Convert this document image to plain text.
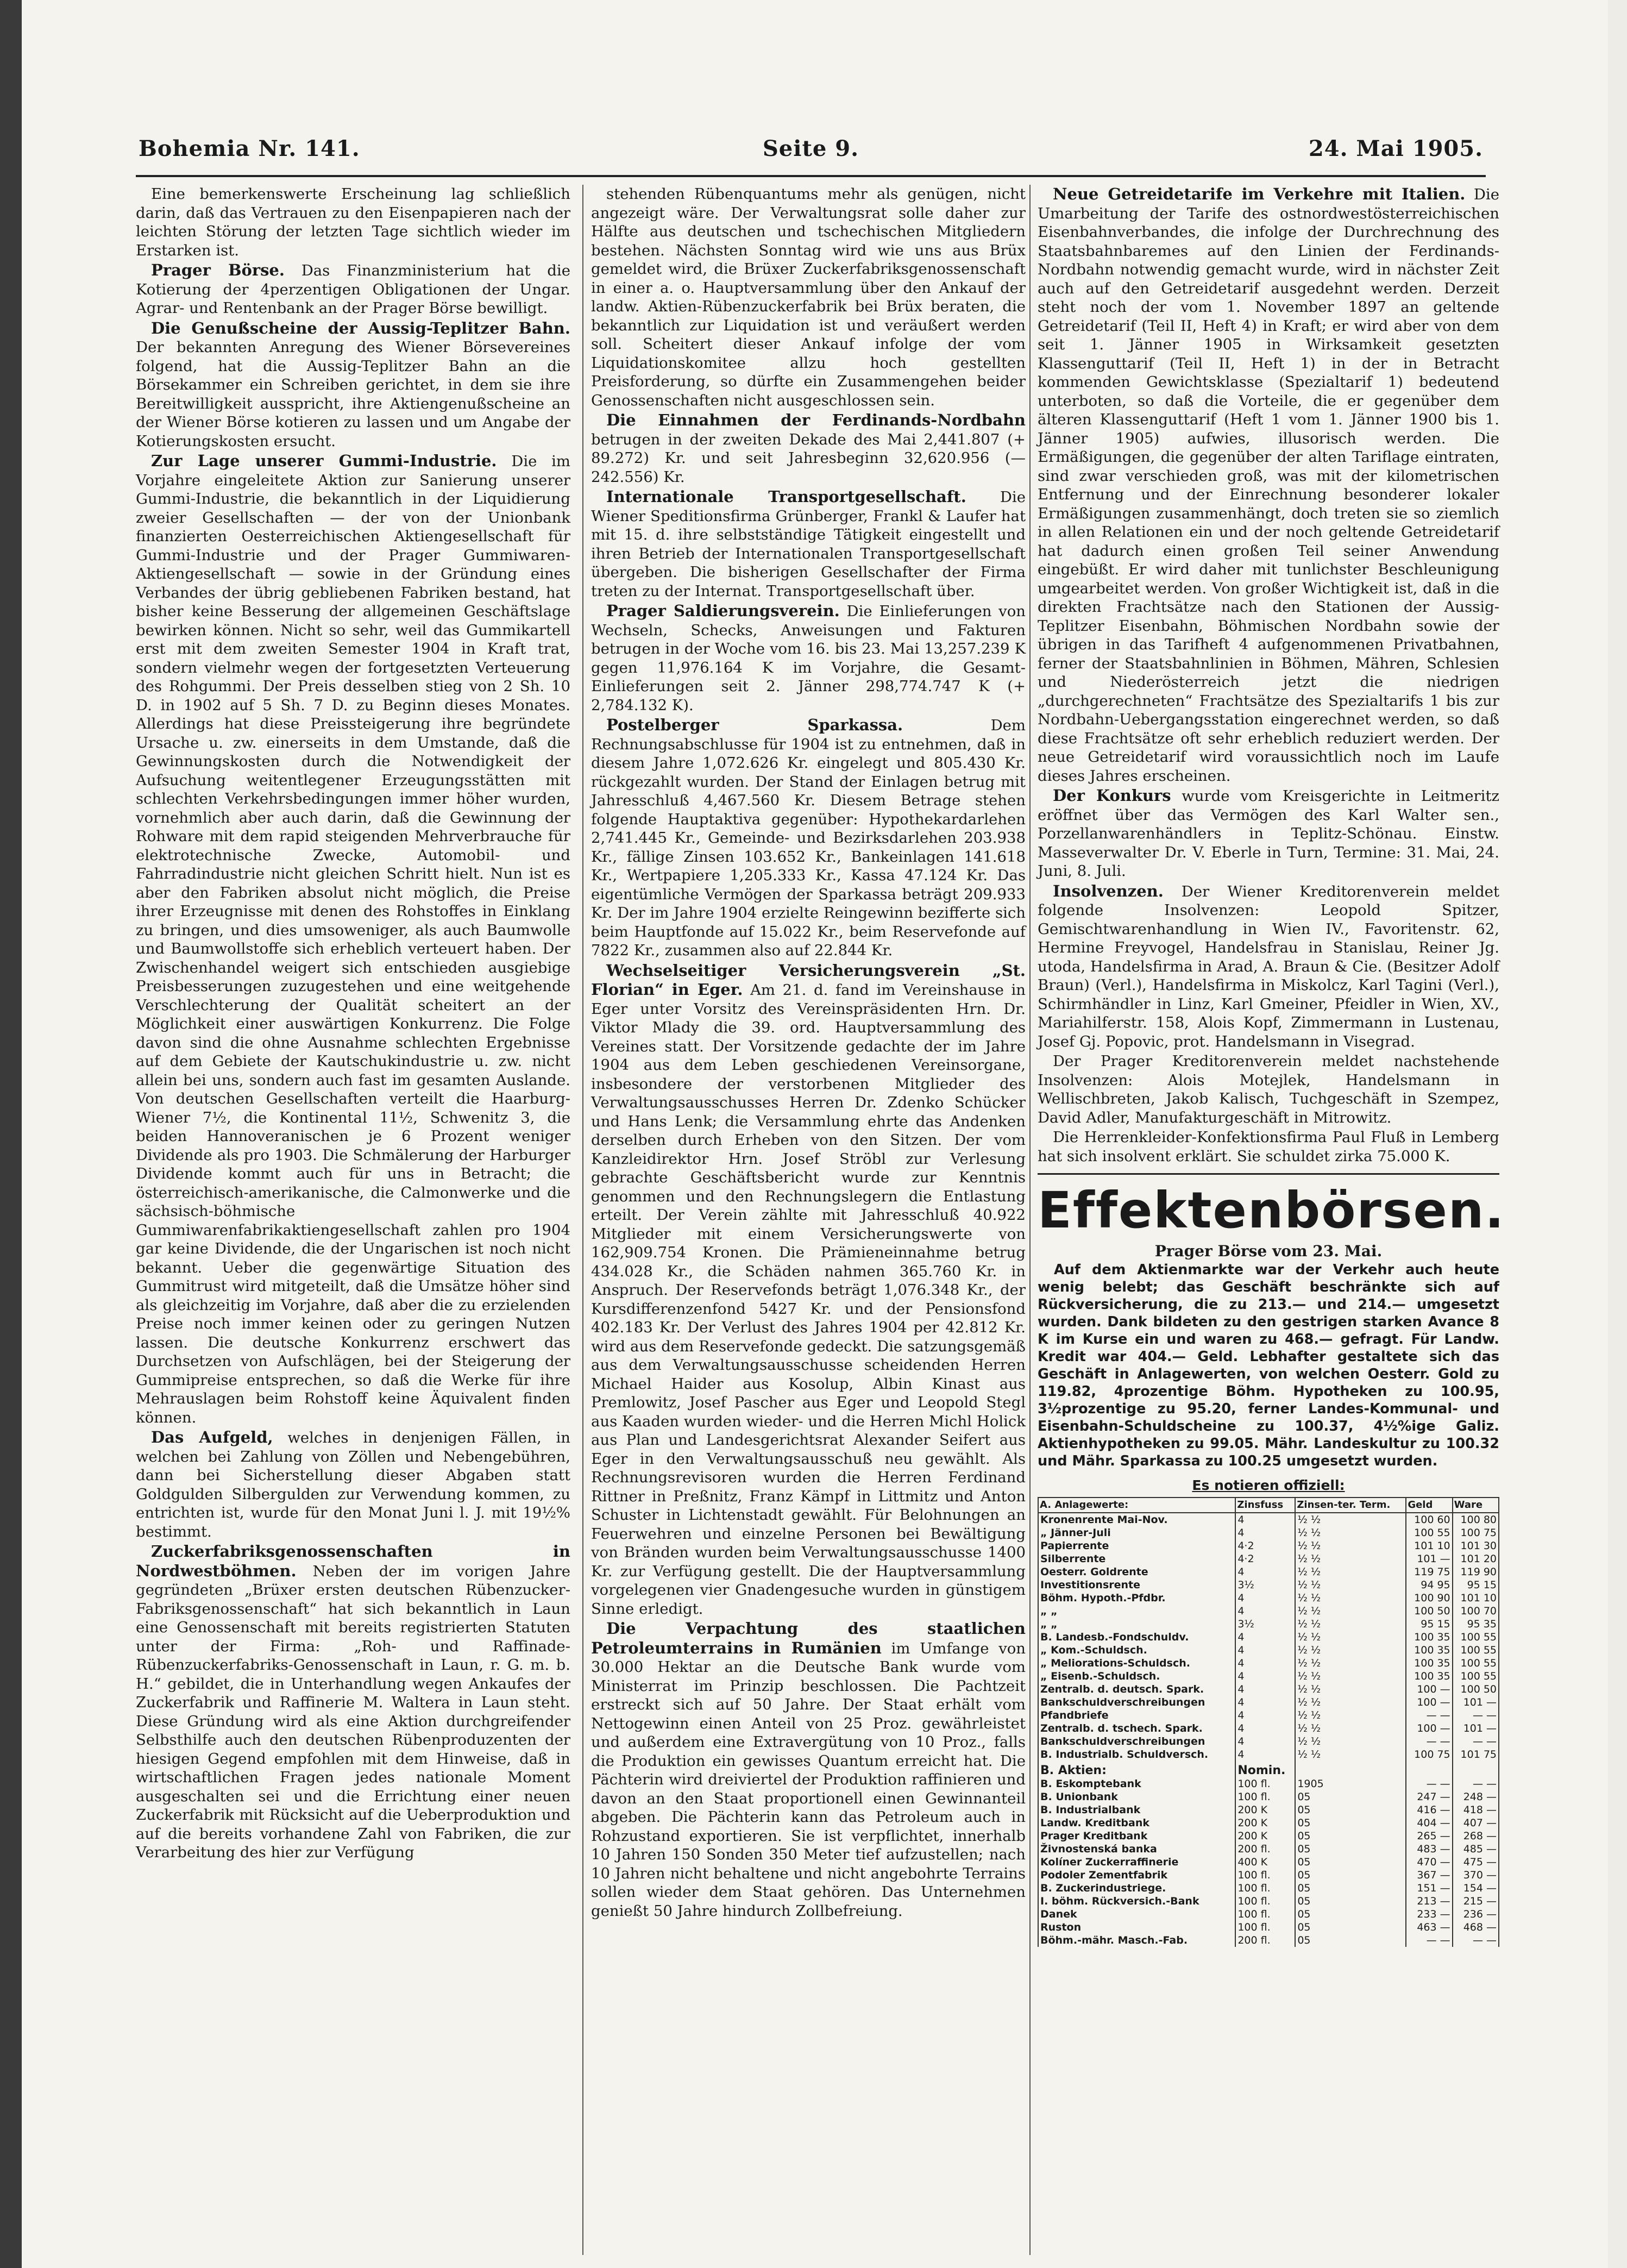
Bohemia Nr. 141.	Seite 9.	24. Mai 1905.

Eine bemerkenswerte Erscheinung lag schließlich darin, daß das Vertrauen zu den Eisenpapieren nach der leichten Störung der letzten Tage sichtlich wieder im Erstarken ist.

Prager Börse. Das Finanzministerium hat die Kotierung der 4perzentigen Obligationen der Ungar. Agrar- und Rentenbank an der Prager Börse bewilligt.

Die Genußscheine der Aussig-Teplitzer Bahn. Der bekannten Anregung des Wiener Börsevereines folgend, hat die Aussig-Teplitzer Bahn an die Börsekammer ein Schreiben gerichtet, in dem sie ihre Bereitwilligkeit ausspricht, ihre Aktiengenußscheine an der Wiener Börse kotieren zu lassen und um Angabe der Kotierungskosten ersucht.

Zur Lage unserer Gummi-Industrie. Die im Vorjahre eingeleitete Aktion zur Sanierung unserer Gummi-Industrie, die bekanntlich in der Liquidierung zweier Gesellschaften — der von der Unionbank finanzierten Oesterreichischen Aktiengesellschaft für Gummi-Industrie und der Prager Gummiwaren-Aktiengesellschaft — sowie in der Gründung eines Verbandes der übrig gebliebenen Fabriken bestand, hat bisher keine Besserung der allgemeinen Geschäftslage bewirken können. Nicht so sehr, weil das Gummikartell erst mit dem zweiten Semester 1904 in Kraft trat, sondern vielmehr wegen der fortgesetzten Verteuerung des Rohgummi. Der Preis desselben stieg von 2 Sh. 10 D. in 1902 auf 5 Sh. 7 D. zu Beginn dieses Monates. Allerdings hat diese Preissteigerung ihre begründete Ursache u. zw. einerseits in dem Umstande, daß die Gewinnungskosten durch die Notwendigkeit der Aufsuchung weitentlegener Erzeugungsstätten mit schlechten Verkehrsbedingungen immer höher wurden, vornehmlich aber auch darin, daß die Gewinnung der Rohware mit dem rapid steigenden Mehrverbrauche für elektrotechnische Zwecke, Automobil- und Fahrradindustrie nicht gleichen Schritt hielt. Nun ist es aber den Fabriken absolut nicht möglich, die Preise ihrer Erzeugnisse mit denen des Rohstoffes in Einklang zu bringen, und dies umsoweniger, als auch Baumwolle und Baumwollstoffe sich erheblich verteuert haben. Der Zwischenhandel weigert sich entschieden ausgiebige Preisbesserungen zuzugestehen und eine weitgehende Verschlechterung der Qualität scheitert an der Möglichkeit einer auswärtigen Konkurrenz. Die Folge davon sind die ohne Ausnahme schlechten Ergebnisse auf dem Gebiete der Kautschukindustrie u. zw. nicht allein bei uns, sondern auch fast im gesamten Auslande. Von deutschen Gesellschaften verteilt die Haarburg-Wiener 7½, die Kontinental 11½, Schwenitz 3, die beiden Hannoveranischen je 6 Prozent weniger Dividende als pro 1903. Die Schmälerung der Harburger Dividende kommt auch für uns in Betracht; die österreichisch-amerikanische, die Calmonwerke und die sächsisch-böhmische Gummiwarenfabrikaktiengesellschaft zahlen pro 1904 gar keine Dividende, die der Ungarischen ist noch nicht bekannt. Ueber die gegenwärtige Situation des Gummitrust wird mitgeteilt, daß die Umsätze höher sind als gleichzeitig im Vorjahre, daß aber die zu erzielenden Preise noch immer keinen oder zu geringen Nutzen lassen. Die deutsche Konkurrenz erschwert das Durchsetzen von Aufschlägen, bei der Steigerung der Gummipreise entsprechen, so daß die Werke für ihre Mehrauslagen beim Rohstoff keine Äquivalent finden können.

Das Aufgeld, welches in denjenigen Fällen, in welchen bei Zahlung von Zöllen und Nebengebühren, dann bei Sicherstellung dieser Abgaben statt Goldgulden Silbergulden zur Verwendung kommen, zu entrichten ist, wurde für den Monat Juni l. J. mit 19½% bestimmt.

Zuckerfabriksgenossenschaften in Nordwestböhmen. Neben der im vorigen Jahre gegründeten „Brüxer ersten deutschen Rübenzucker-Fabriksgenossenschaft“ hat sich bekanntlich in Laun eine Genossenschaft mit bereits registrierten Statuten unter der Firma: „Roh- und Raffinade-Rübenzuckerfabriks-Genossenschaft in Laun, r. G. m. b. H.“ gebildet, die in Unterhandlung wegen Ankaufes der Zuckerfabrik und Raffinerie M. Waltera in Laun steht. Diese Gründung wird als eine Aktion durchgreifender Selbsthilfe auch den deutschen Rübenproduzenten der hiesigen Gegend empfohlen mit dem Hinweise, daß in wirtschaftlichen Fragen jedes nationale Moment ausgeschalten sei und die Errichtung einer neuen Zuckerfabrik mit Rücksicht auf die Ueberproduktion und auf die bereits vorhandene Zahl von Fabriken, die zur Verarbeitung des hier zur Verfügung

stehenden Rübenquantums mehr als genügen, nicht angezeigt wäre. Der Verwaltungsrat solle daher zur Hälfte aus deutschen und tschechischen Mitgliedern bestehen. Nächsten Sonntag wird wie uns aus Brüx gemeldet wird, die Brüxer Zuckerfabriksgenossenschaft in einer a. o. Hauptversammlung über den Ankauf der landw. Aktien-Rübenzuckerfabrik bei Brüx beraten, die bekanntlich zur Liquidation ist und veräußert werden soll. Scheitert dieser Ankauf infolge der vom Liquidationskomitee allzu hoch gestellten Preisforderung, so dürfte ein Zusammengehen beider Genossenschaften nicht ausgeschlossen sein.

Die Einnahmen der Ferdinands-Nordbahn betrugen in der zweiten Dekade des Mai 2,441.807 (+ 89.272) Kr. und seit Jahresbeginn 32,620.956 (— 242.556) Kr.

Internationale Transportgesellschaft. Die Wiener Speditionsfirma Grünberger, Frankl & Laufer hat mit 15. d. ihre selbstständige Tätigkeit eingestellt und ihren Betrieb der Internationalen Transportgesellschaft übergeben. Die bisherigen Gesellschafter der Firma treten zu der Internat. Transportgesellschaft über.

Prager Saldierungsverein. Die Einlieferungen von Wechseln, Schecks, Anweisungen und Fakturen betrugen in der Woche vom 16. bis 23. Mai 13,257.239 K gegen 11,976.164 K im Vorjahre, die Gesamt-Einlieferungen seit 2. Jänner 298,774.747 K (+ 2,784.132 K).

Postelberger Sparkassa.	Dem Rechnungsabschlusse für 1904 ist zu entnehmen, daß in diesem Jahre 1,072.626 Kr. eingelegt und 805.430 Kr. rückgezahlt wurden. Der Stand der Einlagen betrug mit Jahresschluß 4,467.560 Kr. Diesem Betrage stehen folgende Hauptaktiva gegenüber: Hypothekardarlehen 2,741.445 Kr., Gemeinde- und Bezirksdarlehen 203.938 Kr., fällige Zinsen 103.652 Kr., Bankeinlagen 141.618 Kr., Wertpapiere 1,205.333 Kr., Kassa 47.124 Kr. Das eigentümliche Vermögen der Sparkassa beträgt 209.933 Kr. Der im Jahre 1904 erzielte Reingewinn bezifferte sich beim Hauptfonde auf 15.022 Kr., beim Reservefonde auf 7822 Kr., zusammen also auf 22.844 Kr.

Wechselseitiger Versicherungsverein „St. Florian“ in Eger. Am 21. d. fand im Vereinshause in Eger unter Vorsitz des Vereinspräsidenten Hrn. Dr. Viktor Mlady die 39. ord. Hauptversammlung des Vereines statt. Der Vorsitzende gedachte der im Jahre 1904 aus dem Leben geschiedenen Vereinsorgane, insbesondere der verstorbenen Mitglieder des Verwaltungsausschusses Herren Dr. Zdenko Schücker und Hans Lenk; die Versammlung ehrte das Andenken derselben durch Erheben von den Sitzen. Der vom Kanzleidirektor Hrn. Josef Ströbl zur Verlesung gebrachte Geschäftsbericht wurde zur Kenntnis genommen und den Rechnungslegern die Entlastung erteilt. Der Verein zählte mit Jahresschluß 40.922 Mitglieder mit einem Versicherungswerte von 162,909.754 Kronen. Die Prämieneinnahme betrug 434.028 Kr., die Schäden nahmen 365.760 Kr. in Anspruch. Der Reservefonds beträgt 1,076.348 Kr., der Kursdifferenzenfond 5427 Kr. und der Pensionsfond 402.183 Kr. Der Verlust des Jahres 1904 per 42.812 Kr. wird aus dem Reservefonde gedeckt. Die satzungsgemäß aus dem Verwaltungsausschusse scheidenden Herren Michael Haider aus Kosolup, Albin Kinast aus Premlowitz, Josef Pascher aus Eger und Leopold Stegl aus Kaaden wurden wieder- und die Herren Michl Holick aus Plan und Landesgerichtsrat Alexander Seifert aus Eger in den Verwaltungsausschuß neu gewählt. Als Rechnungsrevisoren wurden die Herren Ferdinand Rittner in Preßnitz, Franz Kämpf in Littmitz und Anton Schuster in Lichtenstadt gewählt. Für Belohnungen an Feuerwehren und einzelne Personen bei Bewältigung von Bränden wurden beim Verwaltungsausschusse 1400 Kr. zur Verfügung gestellt. Die der Hauptversammlung vorgelegenen vier Gnadengesuche wurden in günstigem Sinne erledigt.

Die Verpachtung des staatlichen Petroleumterrains in Rumänien im Umfange von 30.000 Hektar an die Deutsche Bank wurde vom Ministerrat im Prinzip beschlossen. Die Pachtzeit erstreckt sich auf 50 Jahre. Der Staat erhält vom Nettogewinn einen Anteil von 25 Proz. gewährleistet und außerdem eine Extravergütung von 10 Proz., falls die Produktion ein gewisses Quantum erreicht hat. Die Pächterin wird dreiviertel der Produktion raffinieren und davon an den Staat proportionell einen Gewinnanteil abgeben. Die Pächterin kann das Petroleum auch in Rohzustand exportieren. Sie ist verpflichtet, innerhalb 10 Jahren 150 Sonden 350 Meter tief aufzustellen; nach 10 Jahren nicht behaltene und nicht angebohrte Terrains sollen wieder dem Staat gehören. Das Unternehmen genießt 50 Jahre hindurch Zollbefreiung.

Neue Getreidetarife im Verkehre mit Italien. Die Umarbeitung der Tarife des ostnordwestösterreichischen Eisenbahnverbandes, die infolge der Durchrechnung des Staatsbahnbaremes auf den Linien der Ferdinands-Nordbahn notwendig gemacht wurde, wird in nächster Zeit auch auf den Getreidetarif ausgedehnt werden. Derzeit steht noch der vom 1. November 1897 an geltende Getreidetarif (Teil II, Heft 4) in Kraft; er wird aber von dem seit 1. Jänner 1905 in Wirksamkeit gesetzten Klassenguttarif (Teil II, Heft 1) in der in Betracht kommenden Gewichtsklasse (Spezialtarif 1) bedeutend unterboten, so daß die Vorteile, die er gegenüber dem älteren Klassenguttarif (Heft 1 vom 1. Jänner 1900 bis 1. Jänner 1905) aufwies, illusorisch werden. Die Ermäßigungen, die gegenüber der alten Tariflage eintraten, sind zwar verschieden groß, was mit der kilometrischen Entfernung und der Einrechnung besonderer lokaler Ermäßigungen zusammenhängt, doch treten sie so ziemlich in allen Relationen ein und der noch geltende Getreidetarif hat dadurch einen großen Teil seiner Anwendung eingebüßt. Er wird daher mit tunlichster Beschleunigung umgearbeitet werden. Von großer Wichtigkeit ist, daß in die direkten Frachtsätze nach den Stationen der Aussig-Teplitzer Eisenbahn, Böhmischen Nordbahn sowie der übrigen in das Tarifheft 4 aufgenommenen Privatbahnen, ferner der Staatsbahnlinien in Böhmen, Mähren, Schlesien und Niederösterreich jetzt die niedrigen „durchgerechneten“ Frachtsätze des Spezialtarifs 1 bis zur Nordbahn-Uebergangsstation eingerechnet werden, so daß diese Frachtsätze oft sehr erheblich reduziert werden. Der neue Getreidetarif wird voraussichtlich noch im Laufe dieses Jahres erscheinen.

Der Konkurs wurde vom Kreisgerichte in Leitmeritz eröffnet über das Vermögen des Karl Walter sen., Porzellanwarenhändlers in Teplitz-Schönau. Einstw. Masseverwalter Dr. V. Eberle in Turn, Termine: 31. Mai, 24. Juni, 8. Juli.

Insolvenzen. Der Wiener Kreditorenverein meldet folgende Insolvenzen: Leopold Spitzer, Gemischtwarenhandlung in Wien IV., Favoritenstr. 62, Hermine Freyvogel, Handelsfrau in Stanislau, Reiner Jg. utoda, Handelsfirma in Arad, A. Braun & Cie. (Besitzer Adolf Braun) (Verl.), Handelsfirma in Miskolcz, Karl Tagini (Verl.), Schirmhändler in Linz, Karl Gmeiner, Pfeidler in Wien, XV., Mariahilferstr. 158, Alois Kopf, Zimmermann in Lustenau, Josef Gj. Popovic, prot. Handelsmann in Visegrad.

Der Prager Kreditorenverein meldet nachstehende Insolvenzen: Alois Motejlek, Handelsmann in Wellischbreten, Jakob Kalisch, Tuchgeschäft in Szempez, David Adler, Manufakturgeschäft in Mitrowitz.

Die Herrenkleider-Konfektionsfirma Paul Fluß in Lemberg hat sich insolvent erklärt. Sie schuldet zirka 75.000 K.

Effektenbörsen.
Prager Börse vom 23. Mai.

Auf dem Aktienmarkte war der Verkehr auch heute wenig belebt; das Geschäft beschränkte sich auf Rückversicherung, die zu 213.— und 214.— umgesetzt wurden. Dank bildeten zu den gestrigen starken Avance 8 K im Kurse ein und waren zu 468.— gefragt. Für Landw. Kredit war 404.— Geld. Lebhafter gestaltete sich das Geschäft in Anlagewerten, von welchen Oesterr. Gold zu 119.82, 4prozentige Böhm. Hypotheken zu 100.95, 3½prozentige zu 95.20, ferner Landes-Kommunal- und Eisenbahn-Schuldscheine zu 100.37, 4½%ige Galiz. Aktienhypotheken zu 99.05. Mähr. Landeskultur zu 100.32 und Mähr. Sparkassa zu 100.25 umgesetzt wurden.

Es notieren offiziell:
A. Anlagewerte:	Zinsfuss	Zinsen-ter. Term.	Geld	Ware
Kronenrente Mai-Nov.	4	½ ½	100 60	100 80
„ Jänner-Juli	4	½ ½	100 55	100 75
Papierrente	4·2	½ ½	101 10	101 30
Silberrente	4·2	½ ½	101 —	101 20
Oesterr. Goldrente	4	½ ½	119 75	119 90
Investitionsrente	3½	½ ½	94 95	95 15
Böhm. Hypoth.-Pfdbr.	4	½ ½	100 90	101 10
„ „	4	½ ½	100 50	100 70
„ „	3½	½ ½	95 15	95 35
B. Landesb.-Fondschuldv.	4	½ ½	100 35	100 55
„ Kom.-Schuldsch.	4	½ ½	100 35	100 55
„ Meliorations-Schuldsch.	4	½ ½	100 35	100 55
„ Eisenb.-Schuldsch.	4	½ ½	100 35	100 55
Zentralb. d. deutsch. Spark.	4	½ ½	100 —	100 50
Bankschuldverschreibungen	4	½ ½	100 —	101 —
Pfandbriefe	4	½ ½	— —	— —
Zentralb. d. tschech. Spark.	4	½ ½	100 —	101 —
Bankschuldverschreibungen	4	½ ½	— —	— —
B. Industrialb. Schuldversch.	4	½ ½	100 75	101 75
B. Aktien:	Nomin.			
B. Eskomptebank	100 fl.	1905	— —	— —
B. Unionbank	100 fl.	05	247 —	248 —
B. Industrialbank	200 K	05	416 —	418 —
Landw. Kreditbank	200 K	05	404 —	407 —
Prager Kreditbank	200 K	05	265 —	268 —
Živnostenská banka	200 fl.	05	483 —	485 —
Kolíner Zuckerraffinerie	400 K	05	470 —	475 —
Podoler Zementfabrik	100 fl.	05	367 —	370 —
B. Zuckerindustriege.	100 fl.	05	151 —	154 —
I. böhm. Rückversich.-Bank	100 fl.	05	213 —	215 —
Danek	100 fl.	05	233 —	236 —
Ruston	100 fl.	05	463 —	468 —
Böhm.-mähr. Masch.-Fab.	200 fl.	05	— —	— —
